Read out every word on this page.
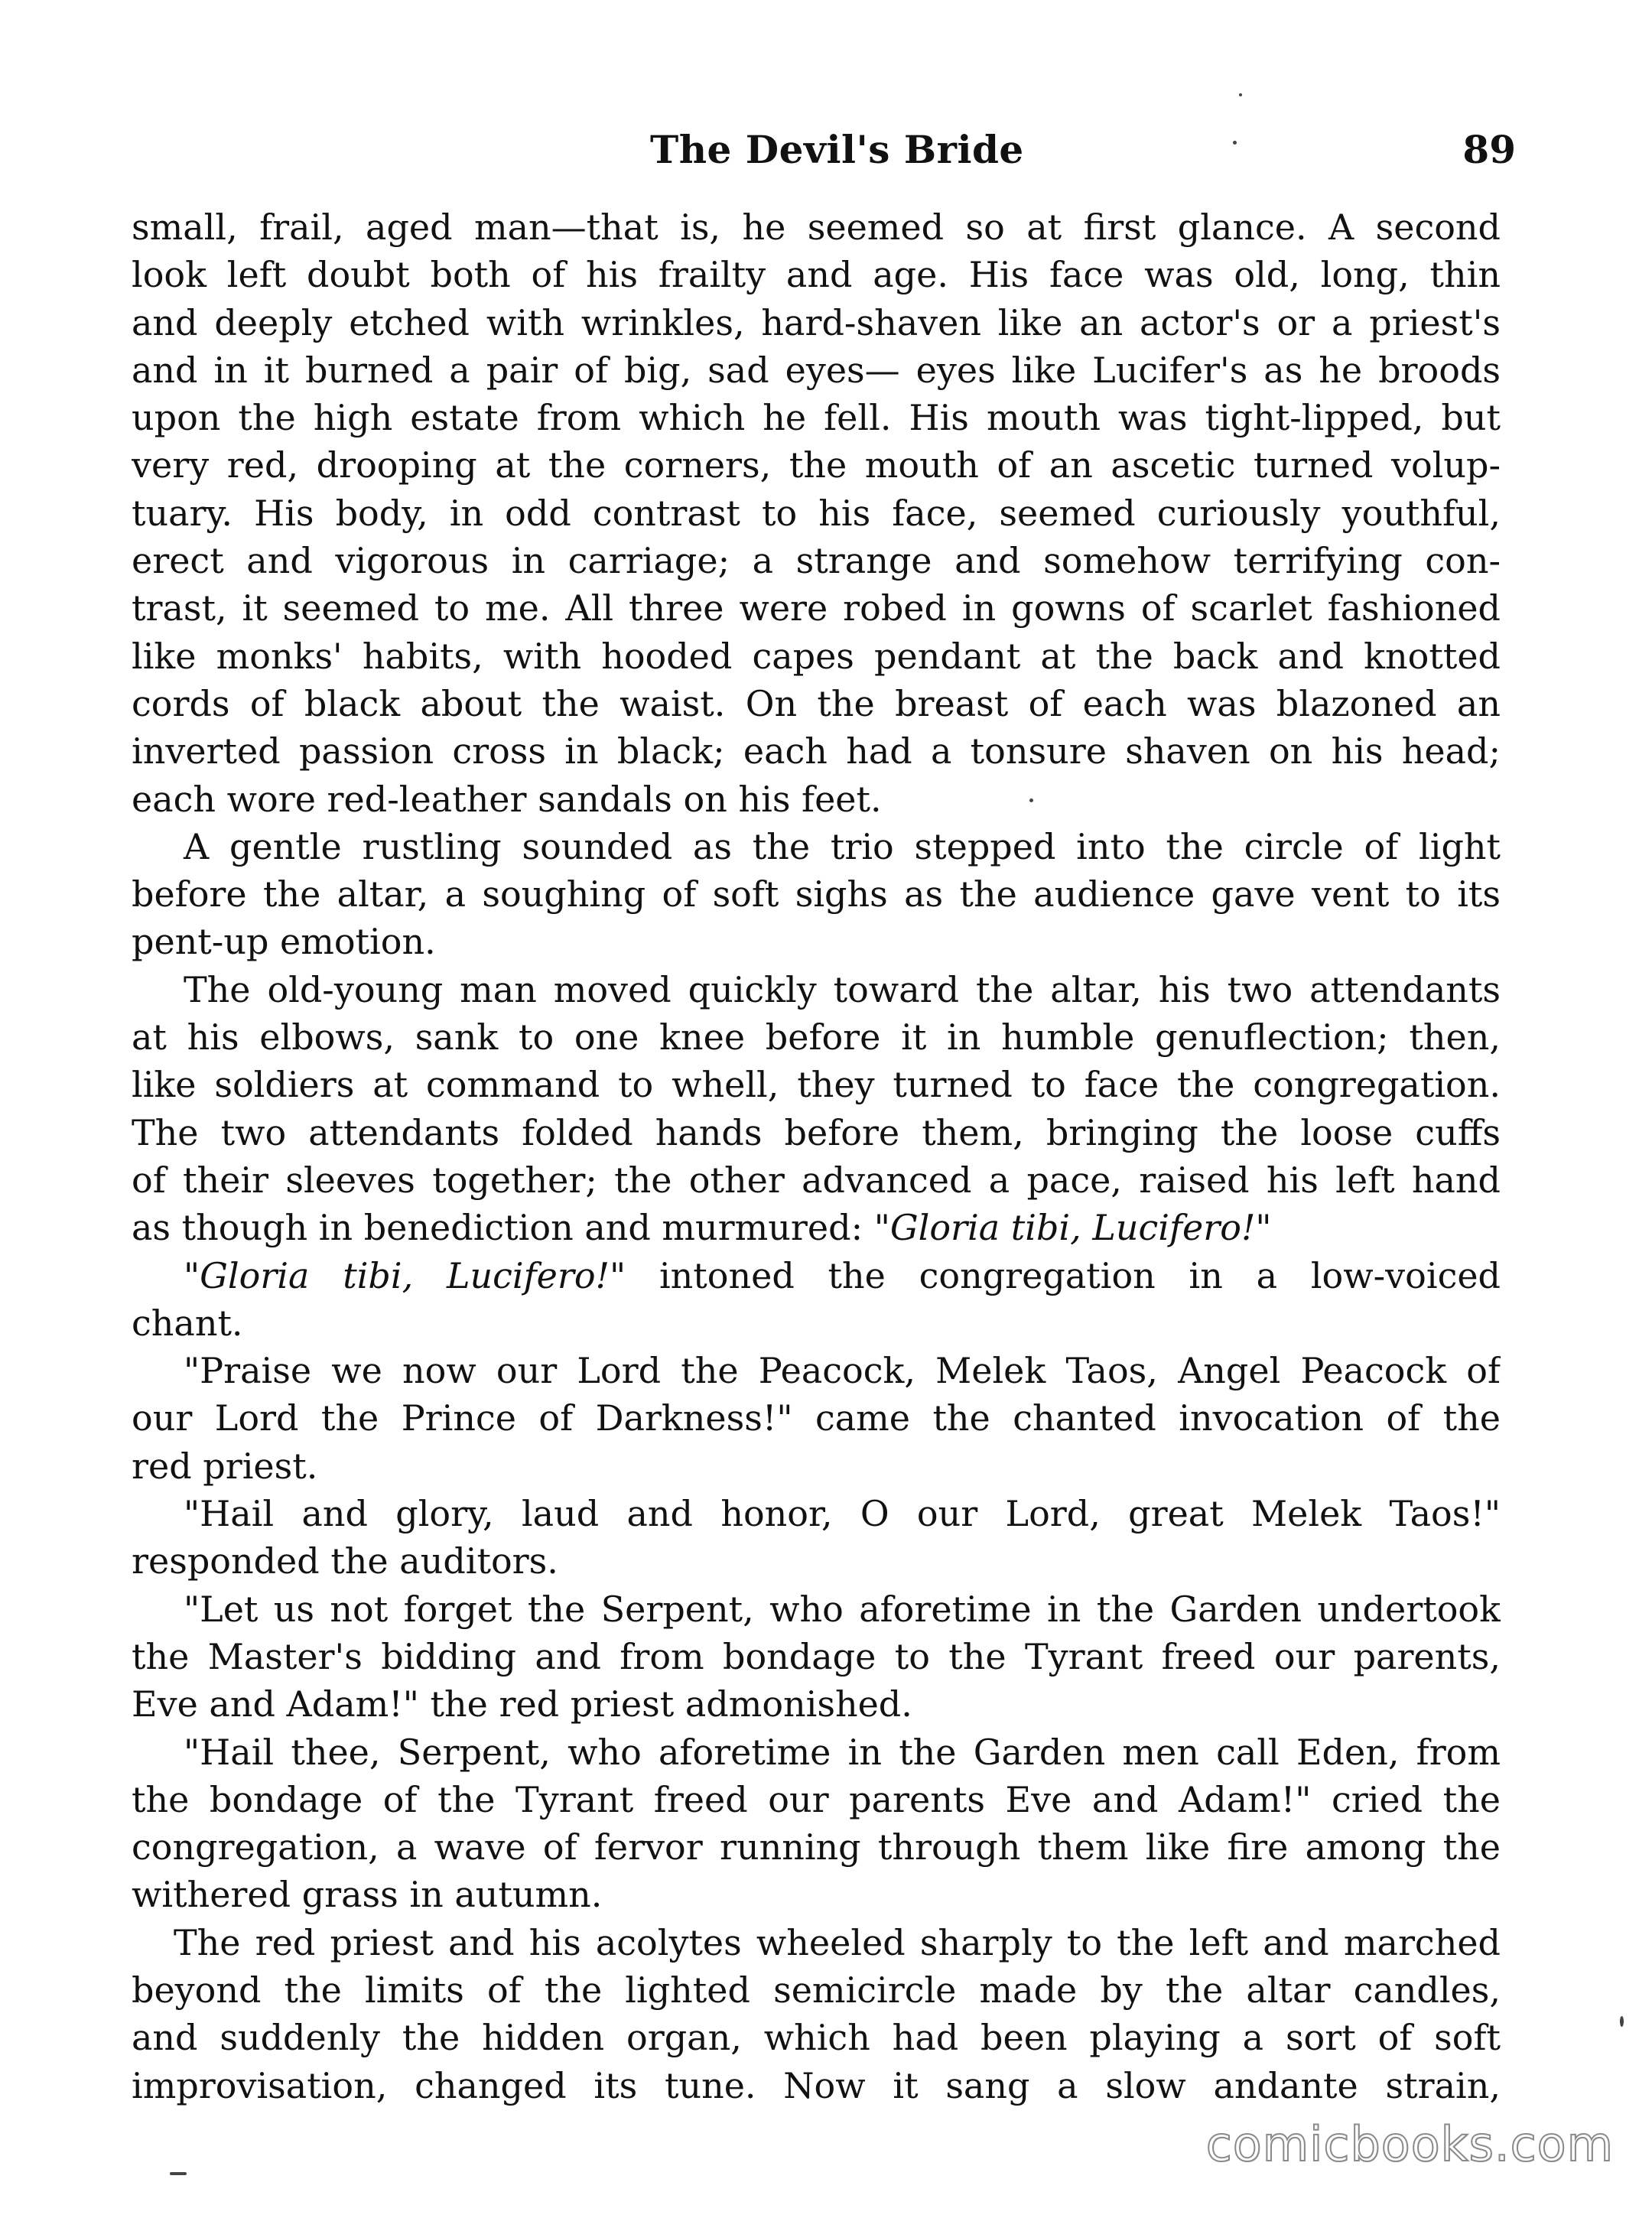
The Devil's Bride	89
small, frail, aged man—that is, he seemed so at first glance. A second
look left doubt both of his frailty and age. His face was old, long, thin
and deeply etched with wrinkles, hard-shaven like an actor's or a priest's
and in it burned a pair of big, sad eyes— eyes like Lucifer's as he broods
upon the high estate from which he fell. His mouth was tight-lipped, but
very red, drooping at the corners, the mouth of an ascetic turned volup-
tuary. His body, in odd contrast to his face, seemed curiously youthful,
erect and vigorous in carriage; a strange and somehow terrifying con-
trast, it seemed to me. All three were robed in gowns of scarlet fashioned
like monks' habits, with hooded capes pendant at the back and knotted
cords of black about the waist. On the breast of each was blazoned an
inverted passion cross in black; each had a tonsure shaven on his head;
each wore red-leather sandals on his feet.
A gentle rustling sounded as the trio stepped into the circle of light
before the altar, a soughing of soft sighs as the audience gave vent to its
pent-up emotion.
The old-young man moved quickly toward the altar, his two attendants
at his elbows, sank to one knee before it in humble genuflection; then,
like soldiers at command to whell, they turned to face the congregation.
The two attendants folded hands before them, bringing the loose cuffs
of their sleeves together; the other advanced a pace, raised his left hand
as though in benediction and murmured: "Gloria tibi, Lucifero!"
"Gloria tibi, Lucifero!" intoned the congregation in a low-voiced
chant.
"Praise we now our Lord the Peacock, Melek Taos, Angel Peacock of
our Lord the Prince of Darkness!" came the chanted invocation of the
red priest.
"Hail and glory, laud and honor, O our Lord, great Melek Taos!"
responded the auditors.
"Let us not forget the Serpent, who aforetime in the Garden undertook
the Master's bidding and from bondage to the Tyrant freed our parents,
Eve and Adam!" the red priest admonished.
"Hail thee, Serpent, who aforetime in the Garden men call Eden, from
the bondage of the Tyrant freed our parents Eve and Adam!" cried the
congregation, a wave of fervor running through them like fire among the
withered grass in autumn.
The red priest and his acolytes wheeled sharply to the left and marched
beyond the limits of the lighted semicircle made by the altar candles,
and suddenly the hidden organ, which had been playing a sort of soft
improvisation, changed its tune. Now it sang a slow andante strain,
comicbooks.com
